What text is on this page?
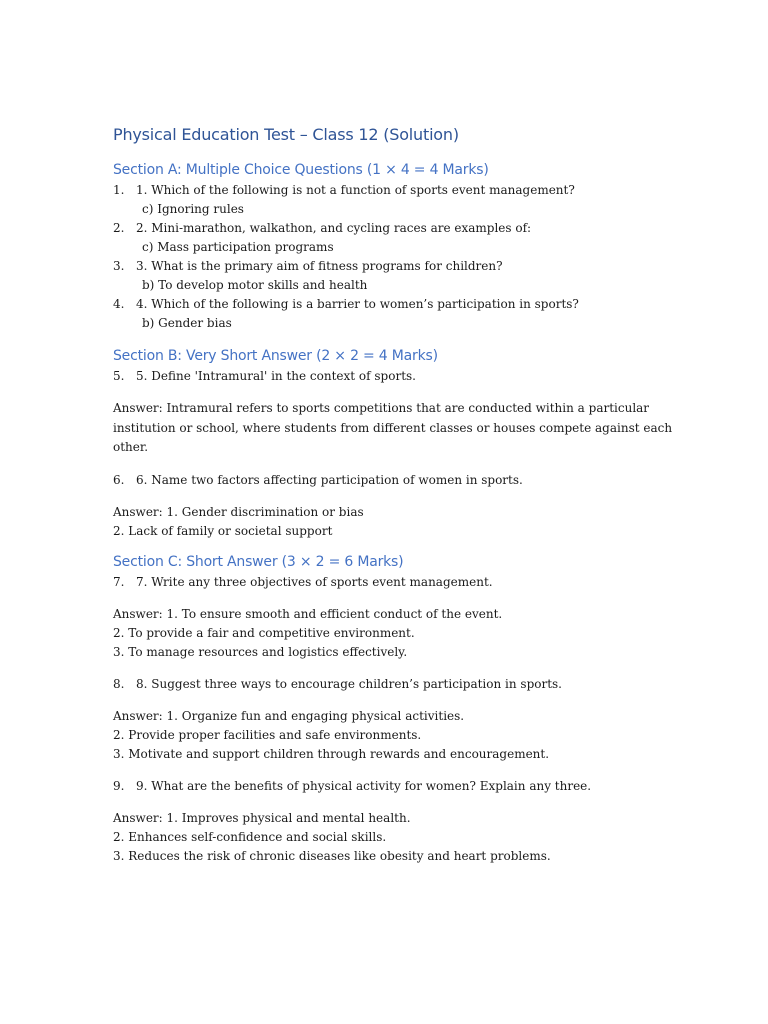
Physical Education Test – Class 12 (Solution)
Section A: Multiple Choice Questions (1 × 4 = 4 Marks)
1. 1. Which of the following is not a function of sports event management?
c) Ignoring rules
2. 2. Mini-marathon, walkathon, and cycling races are examples of:
c) Mass participation programs
3. 3. What is the primary aim of fitness programs for children?
b) To develop motor skills and health
4. 4. Which of the following is a barrier to women’s participation in sports?
b) Gender bias
Section B: Very Short Answer (2 × 2 = 4 Marks)
5. 5. Define 'Intramural' in the context of sports.
Answer: Intramural refers to sports competitions that are conducted within a particular institution or school, where students from different classes or houses compete against each other.
6. 6. Name two factors affecting participation of women in sports.
Answer: 1. Gender discrimination or bias
2. Lack of family or societal support
Section C: Short Answer (3 × 2 = 6 Marks)
7. 7. Write any three objectives of sports event management.
Answer: 1. To ensure smooth and efficient conduct of the event.
2. To provide a fair and competitive environment.
3. To manage resources and logistics effectively.
8. 8. Suggest three ways to encourage children’s participation in sports.
Answer: 1. Organize fun and engaging physical activities.
2. Provide proper facilities and safe environments.
3. Motivate and support children through rewards and encouragement.
9. 9. What are the benefits of physical activity for women? Explain any three.
Answer: 1. Improves physical and mental health.
2. Enhances self-confidence and social skills.
3. Reduces the risk of chronic diseases like obesity and heart problems.
